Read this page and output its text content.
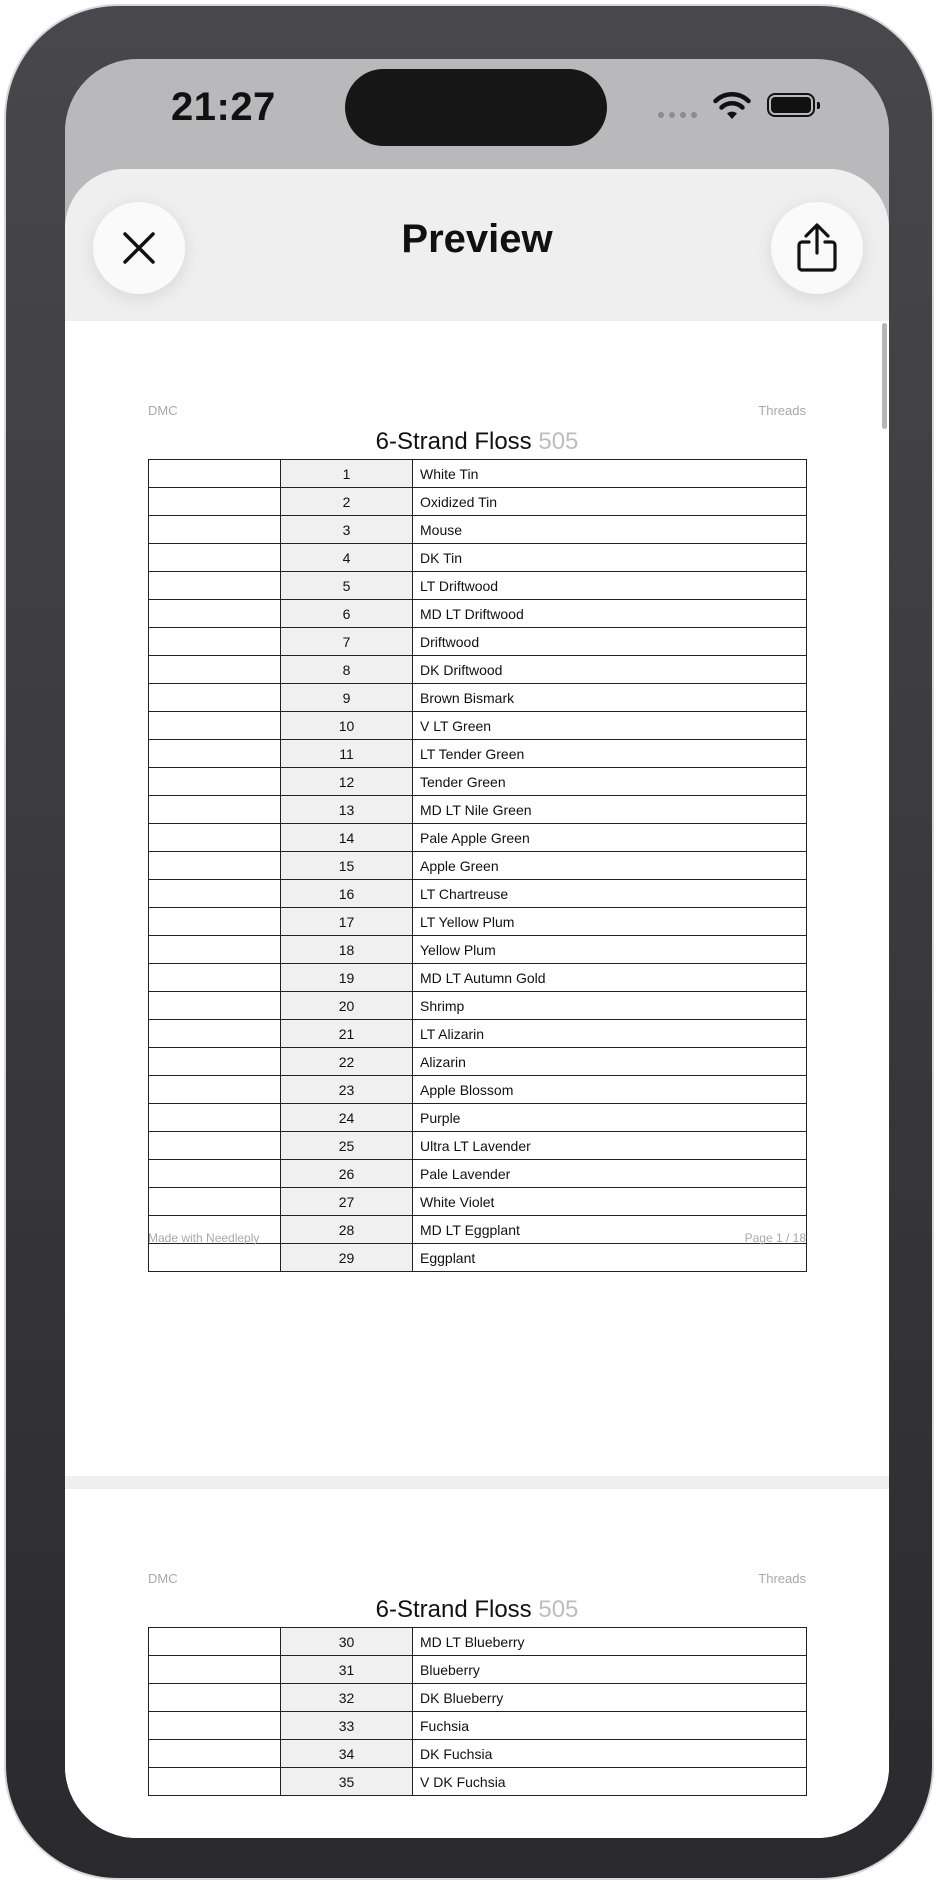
21:27
Preview
DMC	Threads
6-Strand Floss 505
	1	White Tin
	2	Oxidized Tin
	3	Mouse
	4	DK Tin
	5	LT Driftwood
	6	MD LT Driftwood
	7	Driftwood
	8	DK Driftwood
	9	Brown Bismark
	10	V LT Green
	11	LT Tender Green
	12	Tender Green
	13	MD LT Nile Green
	14	Pale Apple Green
	15	Apple Green
	16	LT Chartreuse
	17	LT Yellow Plum
	18	Yellow Plum
	19	MD LT Autumn Gold
	20	Shrimp
	21	LT Alizarin
	22	Alizarin
	23	Apple Blossom
	24	Purple
	25	Ultra LT Lavender
	26	Pale Lavender
	27	White Violet
	28	MD LT Eggplant
	29	Eggplant
Made with Needleply	Page 1 / 18
DMC	Threads
6-Strand Floss 505
	30	MD LT Blueberry
	31	Blueberry
	32	DK Blueberry
	33	Fuchsia
	34	DK Fuchsia
	35	V DK Fuchsia
